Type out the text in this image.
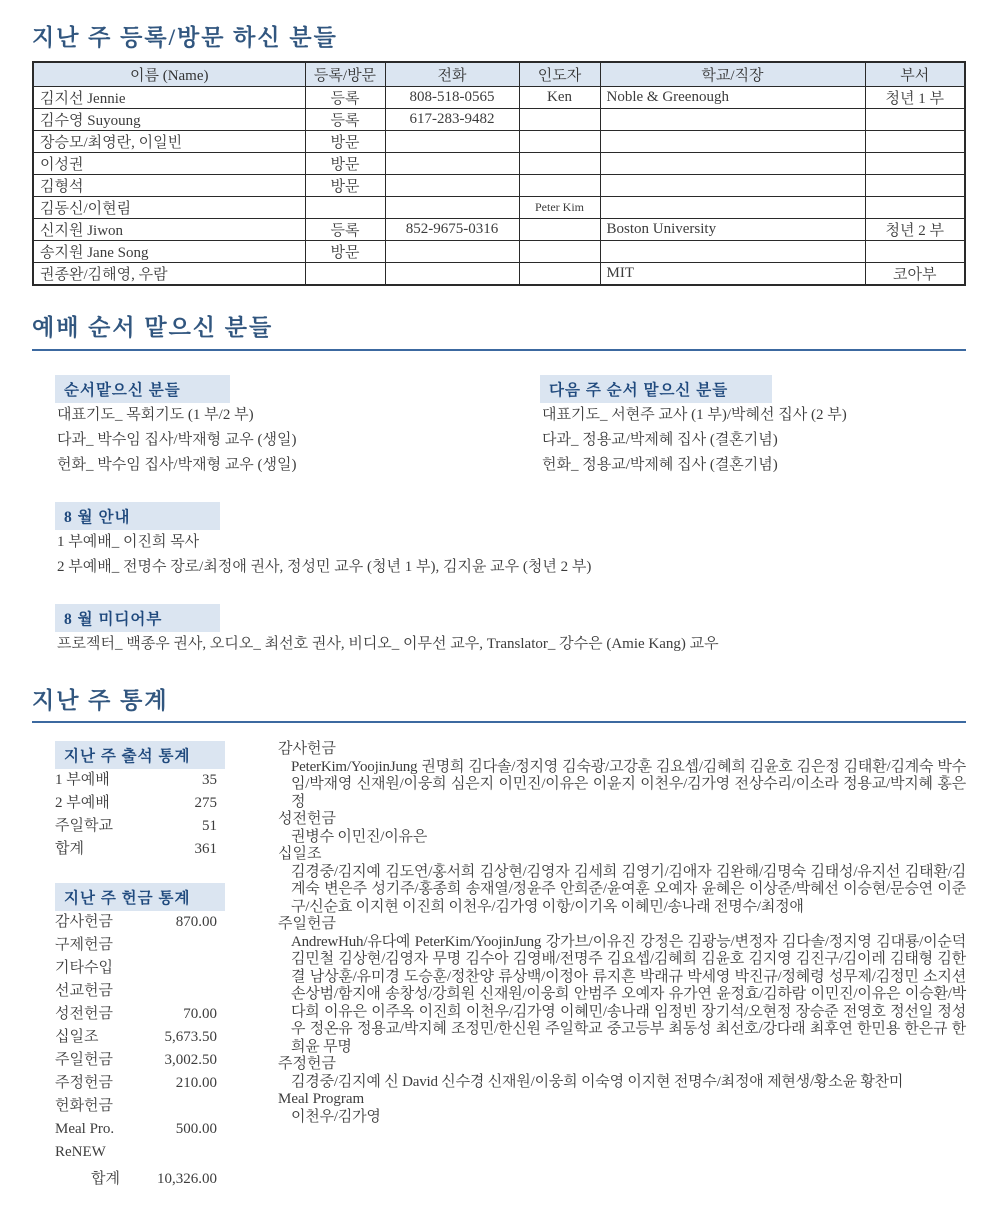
지난 주 등록/방문 하신 분들
이름 (Name)	등록/방문	전화	인도자	학교/직장	부서
김지선 Jennie	등록	808-518-0565	Ken	Noble & Greenough	청년 1 부
김수영 Suyoung	등록	617-283-9482			
장승모/최영란, 이일빈	방문				
이성권	방문				
김형석	방문				
김동신/이현림			Peter Kim		
신지원 Jiwon	등록	852-9675-0316		Boston University	청년 2 부
송지원 Jane Song	방문				
권종완/김해영, 우람				MIT	코아부
예배 순서 맡으신 분들
순서맡으신 분들
대표기도_ 목회기도 (1 부/2 부)
다과_ 박수임 집사/박재형 교우 (생일)
헌화_ 박수임 집사/박재형 교우 (생일)
다음 주 순서 맡으신 분들
대표기도_ 서현주 교사 (1 부)/박혜선 집사 (2 부)
다과_ 정용교/박제혜 집사 (결혼기념)
헌화_ 정용교/박제혜 집사 (결혼기념)
8 월 안내
1 부예배_ 이진희 목사
2 부예배_ 전명수 장로/최정애 권사, 정성민 교우 (청년 1 부), 김지윤 교우 (청년 2 부)
8 월 미디어부
프로젝터_ 백종우 권사, 오디오_ 최선호 권사, 비디오_ 이무선 교우, Translator_ 강수은 (Amie Kang) 교우
지난 주 통계
지난 주 출석 통계
1 부예배	35
2 부예배	275
주일학교	51
합계	361
지난 주 헌금 통계
감사헌금	870.00
구제헌금
기타수입
선교헌금
성전헌금	70.00
십일조	5,673.50
주일헌금	3,002.50
주정헌금	210.00
헌화헌금
Meal Pro.	500.00
ReNEW
합계 10,326.00
감사헌금
PeterKim/YoojinJung 권명희 김다솔/정지영 김숙광/고강훈 김요셉/김혜희 김윤호 김은정 김태환/김계숙 박수임/박재영 신재원/이웅희 심은지 이민진/이유은 이윤지 이천우/김가영 전상수리/이소라 정용교/박지혜 홍은정
성전헌금
권병수 이민진/이유은
십일조
김경중/김지예 김도연/홍서희 김상현/김영자 김세희 김영기/김애자 김완해/김명숙 김태성/유지선 김태환/김계숙 변은주 성기주/홍종희 송재열/정윤주 안희준/윤여훈 오예자 윤혜은 이상준/박혜선 이승현/문승연 이준구/신순효 이지현 이진희 이천우/김가영 이항/이기옥 이혜민/송나래 전명수/최정애
주일헌금
AndrewHuh/유다예 PeterKim/YoojinJung 강가브/이유진 강정은 김광능/변정자 김다솔/정지영 김대룡/이순덕 김민철 김상현/김영자 무명 김수아 김영배/전명주 김요셉/김혜희 김윤호 김지영 김진구/김이레 김태형 김한결 남상훈/유미경 도승훈/정찬양 류상백/이정아 류지흔 박래규 박세영 박진규/정혜령 성무제/김정민 소지션 손상범/함지애 송창성/강희원 신재원/이웅희 안범주 오예자 유가연 윤정효/김하람 이민진/이유은 이승환/박다희 이유은 이주옥 이진희 이천우/김가영 이혜민/송나래 임정빈 장기석/오현정 장승준 전영호 정선일 정성우 정온유 정용교/박지혜 조정민/한신원 주일학교 중고등부 최동성 최선호/강다래 최후연 한민용 한은규 한희윤 무명
주정헌금
김경중/김지예 신 David 신수경 신재원/이웅희 이숙영 이지현 전명수/최정애 제현생/황소윤 황찬미
Meal Program
이천우/김가영
